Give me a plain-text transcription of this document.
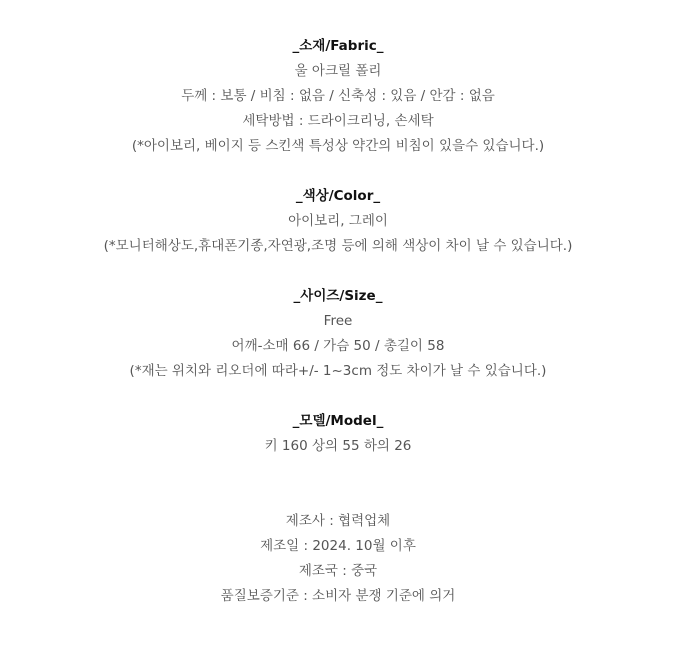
_소재/Fabric_
울 아크릴 폴리
두께 : 보통 / 비침 : 없음 / 신축성 : 있음 / 안감 : 없음
세탁방법 : 드라이크리닝, 손세탁
(*아이보리, 베이지 등 스킨색 특성상 약간의 비침이 있을수 있습니다.)
_색상/Color_
아이보리, 그레이
(*모니터해상도,휴대폰기종,자연광,조명 등에 의해 색상이 차이 날 수 있습니다.)
_사이즈/Size_
Free
어깨-소매 66 / 가슴 50 / 총길이 58
(*재는 위치와 리오더에 따라+/- 1~3cm 정도 차이가 날 수 있습니다.)
_모델/Model_
키 160 상의 55 하의 26
제조사 : 협력업체
제조일 : 2024. 10월 이후
제조국 : 중국
품질보증기준 : 소비자 분쟁 기준에 의거
